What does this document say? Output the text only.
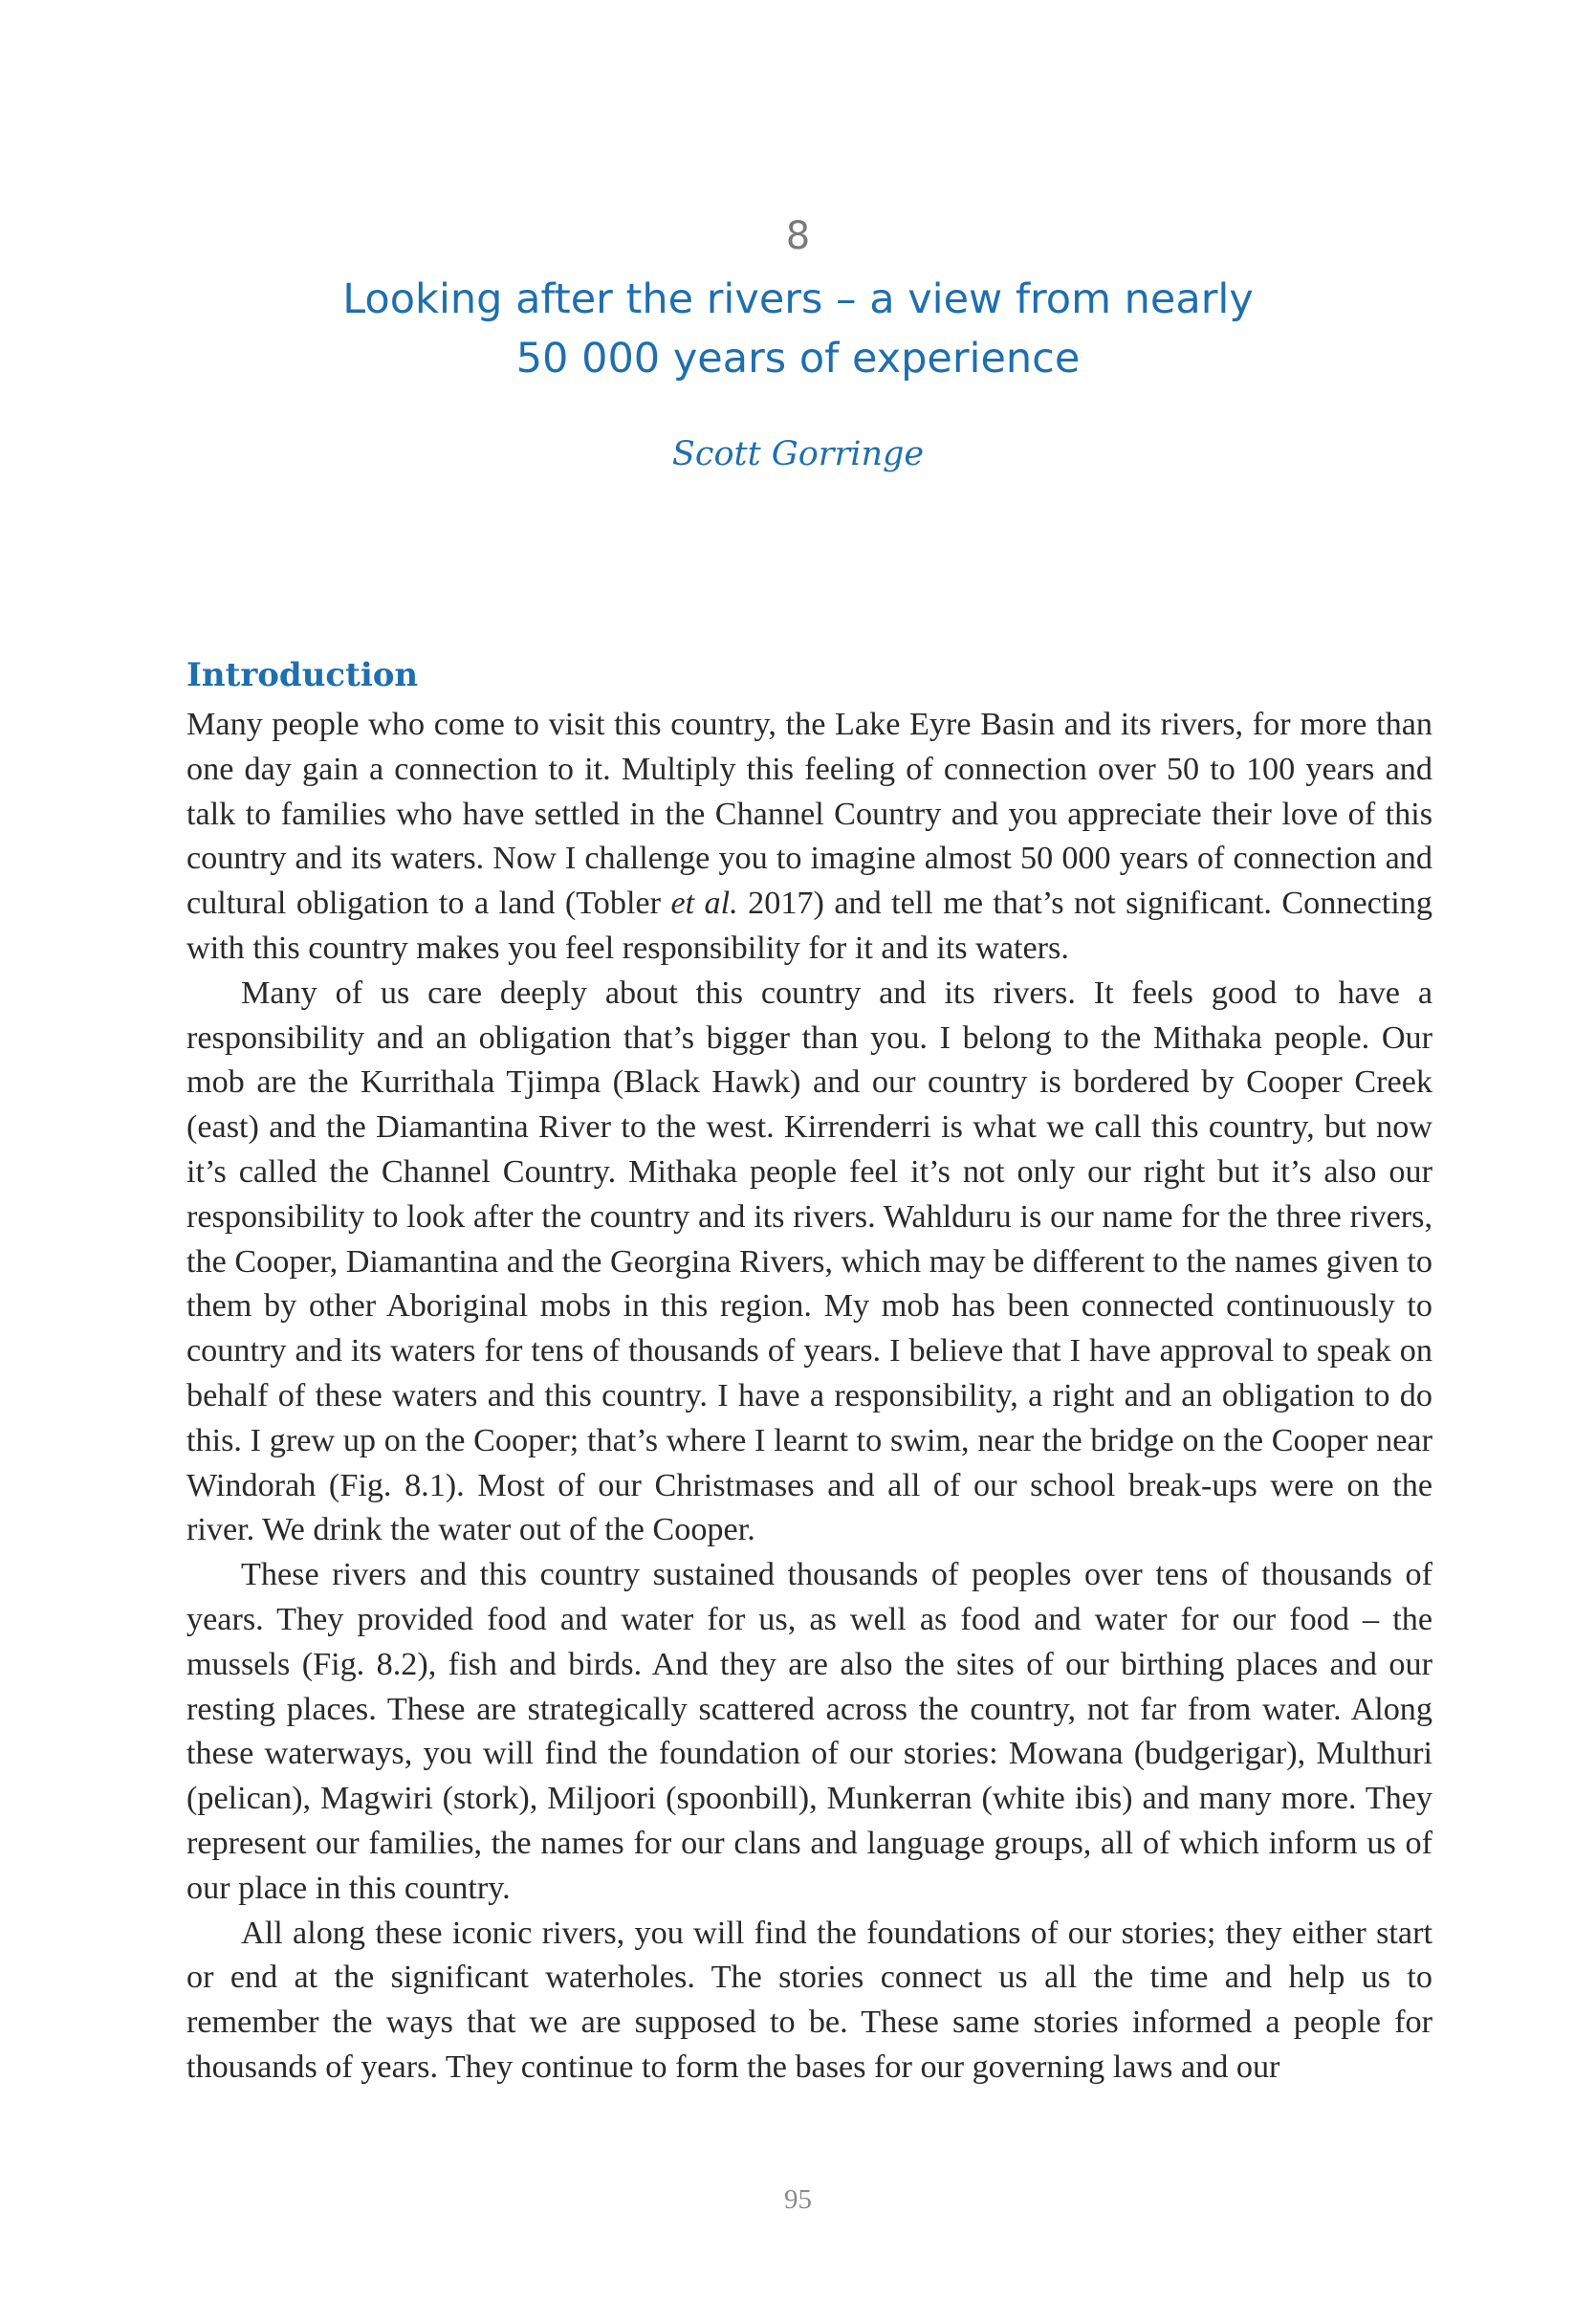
8
Looking after the rivers – a view from nearly
50 000 years of experience
Scott Gorringe
Introduction

Many people who come to visit this country, the Lake Eyre Basin and its rivers, for more than one day gain a connection to it. Multiply this feeling of connection over 50 to 100 years and talk to families who have settled in the Channel Country and you appreciate their love of this country and its waters. Now I challenge you to imagine almost 50 000 years of connection and cultural obligation to a land (Tobler et al. 2017) and tell me that’s not significant. Connecting with this country makes you feel responsibility for it and its waters.

Many of us care deeply about this country and its rivers. It feels good to have a responsibility and an obligation that’s bigger than you. I belong to the Mithaka people. Our mob are the Kurrithala Tjimpa (Black Hawk) and our country is bordered by Cooper Creek (east) and the Diamantina River to the west. Kirrenderri is what we call this country, but now it’s called the Channel Country. Mithaka people feel it’s not only our right but it’s also our responsibility to look after the country and its rivers. Wahlduru is our name for the three rivers, the Cooper, Diamantina and the Georgina Rivers, which may be different to the names given to them by other Aboriginal mobs in this region. My mob has been connected continuously to country and its waters for tens of thousands of years. I believe that I have approval to speak on behalf of these waters and this country. I have a responsibility, a right and an obligation to do this. I grew up on the Cooper; that’s where I learnt to swim, near the bridge on the Cooper near Windorah (Fig. 8.1). Most of our Christmases and all of our school break-ups were on the river. We drink the water out of the Cooper.

These rivers and this country sustained thousands of peoples over tens of thousands of years. They provided food and water for us, as well as food and water for our food – the mussels (Fig. 8.2), fish and birds. And they are also the sites of our birthing places and our resting places. These are strategically scattered across the country, not far from water. Along these waterways, you will find the foundation of our stories: Mowana (budgerigar), Multhuri (pelican), Magwiri (stork), Miljoori (spoonbill), Munkerran (white ibis) and many more. They represent our families, the names for our clans and language groups, all of which inform us of our place in this country.

All along these iconic rivers, you will find the foundations of our stories; they either start or end at the significant waterholes. The stories connect us all the time and help us to remember the ways that we are supposed to be. These same stories informed a people for thousands of years. They continue to form the bases for our governing laws and our

95
